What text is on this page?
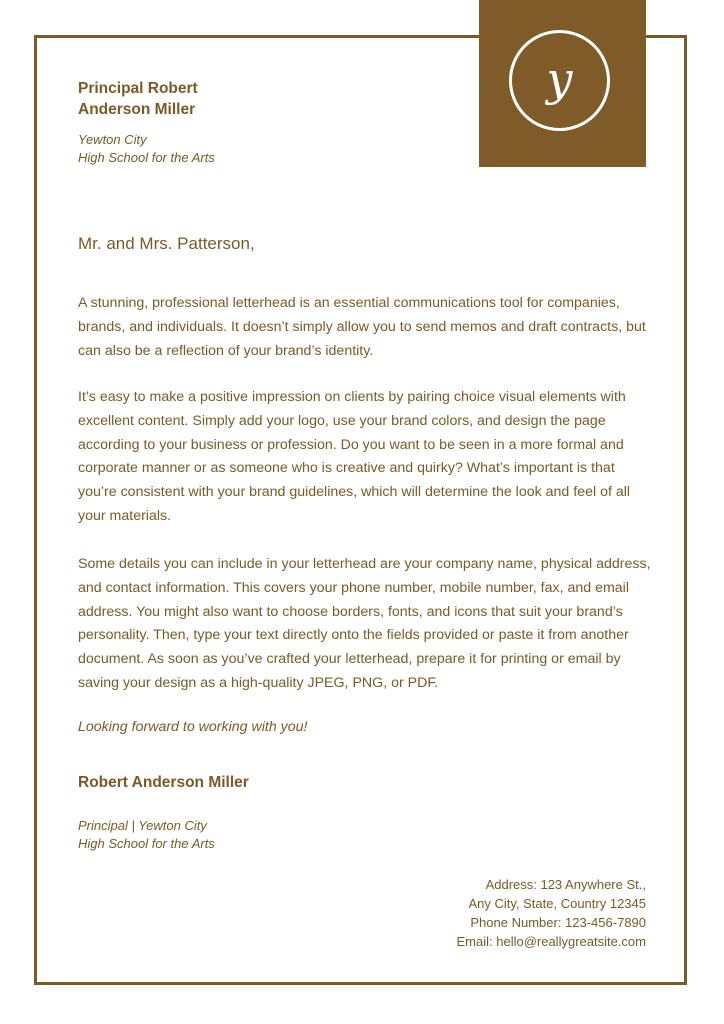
y
Principal Robert
Anderson Miller
Yewton City
High School for the Arts
Mr. and Mrs. Patterson,
A stunning, professional letterhead is an essential communications tool for companies, brands, and individuals. It doesn’t simply allow you to send memos and draft contracts, but can also be a reflection of your brand’s identity.
It’s easy to make a positive impression on clients by pairing choice visual elements with excellent content. Simply add your logo, use your brand colors, and design the page according to your business or profession. Do you want to be seen in a more formal and corporate manner or as someone who is creative and quirky? What’s important is that you’re consistent with your brand guidelines, which will determine the look and feel of all your materials.
Some details you can include in your letterhead are your company name, physical address, and contact information. This covers your phone number, mobile number, fax, and email address. You might also want to choose borders, fonts, and icons that suit your brand’s personality. Then, type your text directly onto the fields provided or paste it from another document. As soon as you’ve crafted your letterhead, prepare it for printing or email by saving your design as a high-quality JPEG, PNG, or PDF.
Looking forward to working with you!
Robert Anderson Miller
Principal | Yewton City
High School for the Arts
Address: 123 Anywhere St.,
Any City, State, Country 12345
Phone Number: 123-456-7890
Email: hello@reallygreatsite.com
